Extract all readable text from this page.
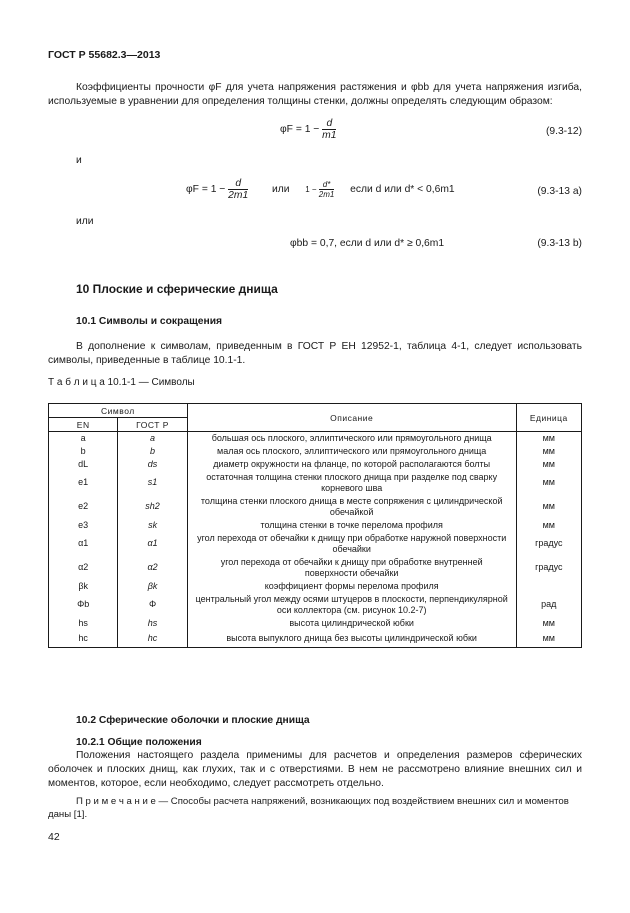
ГОСТ Р 55682.3—2013
Коэффициенты прочности φF для учета напряжения растяжения и φbb для учета напряжения изгиба, используемые в уравнении для определения толщины стенки, должны определять следующим образом:
$\varphi F = 1 - \frac{d}{m1}$	(9.3-12)
и
$\varphi F = 1 - \frac{d}{2m1}$ или $1 - \frac{d*}{2m1}$ если d или d* < 0,6m1	(9.3-13 a)
или
φbb = 0,7, если d или d* ≥ 0,6m1	(9.3-13 b)
10 Плоские и сферические днища
10.1 Символы и сокращения
В дополнение к символам, приведенным в ГОСТ Р ЕН 12952-1, таблица 4-1, следует использовать символы, приведенные в таблице 10.1-1.
Т а б л и ц а 10.1-1 — Символы
Символ		Описание	Единица
EN	ГОСТ Р		
a	a	большая ось плоского, эллиптического или прямоугольного днища	мм
b	b	малая ось плоского, эллиптического или прямоугольного днища	мм
dL	ds	диаметр окружности на фланце, по которой располагаются болты	мм
e1	s1	остаточная толщина стенки плоского днища при разделке под сварку корневого шва	мм
e2	sh2	толщина стенки плоского днища в месте сопряжения с цилиндрической обечайкой	мм
e3	sk	толщина стенки в точке перелома профиля	мм
α1	α1	угол перехода от обечайки к днищу при обработке наружной поверхности обечайки	градус
α2	α2	угол перехода от обечайки к днищу при обработке внутренней поверхности обечайки	градус
βk	βk	коэффициент формы перелома профиля	
Φb	Φ	центральный угол между осями штуцеров в плоскости, перпендикулярной оси коллектора (см. рисунок 10.2-7)	рад
hs	hs	высота цилиндрической юбки	мм
hc	hc	высота выпуклого днища без высоты цилиндрической юбки	мм
10.2 Сферические оболочки и плоские днища
10.2.1 Общие положения
Положения настоящего раздела применимы для расчетов и определения размеров сферических оболочек и плоских днищ, как глухих, так и с отверстиями. В нем не рассмотрено влияние внешних сил и моментов, которое, если необходимо, следует рассмотреть отдельно.
П р и м е ч а н и е — Способы расчета напряжений, возникающих под воздействием внешних сил и моментов даны [1].
42
